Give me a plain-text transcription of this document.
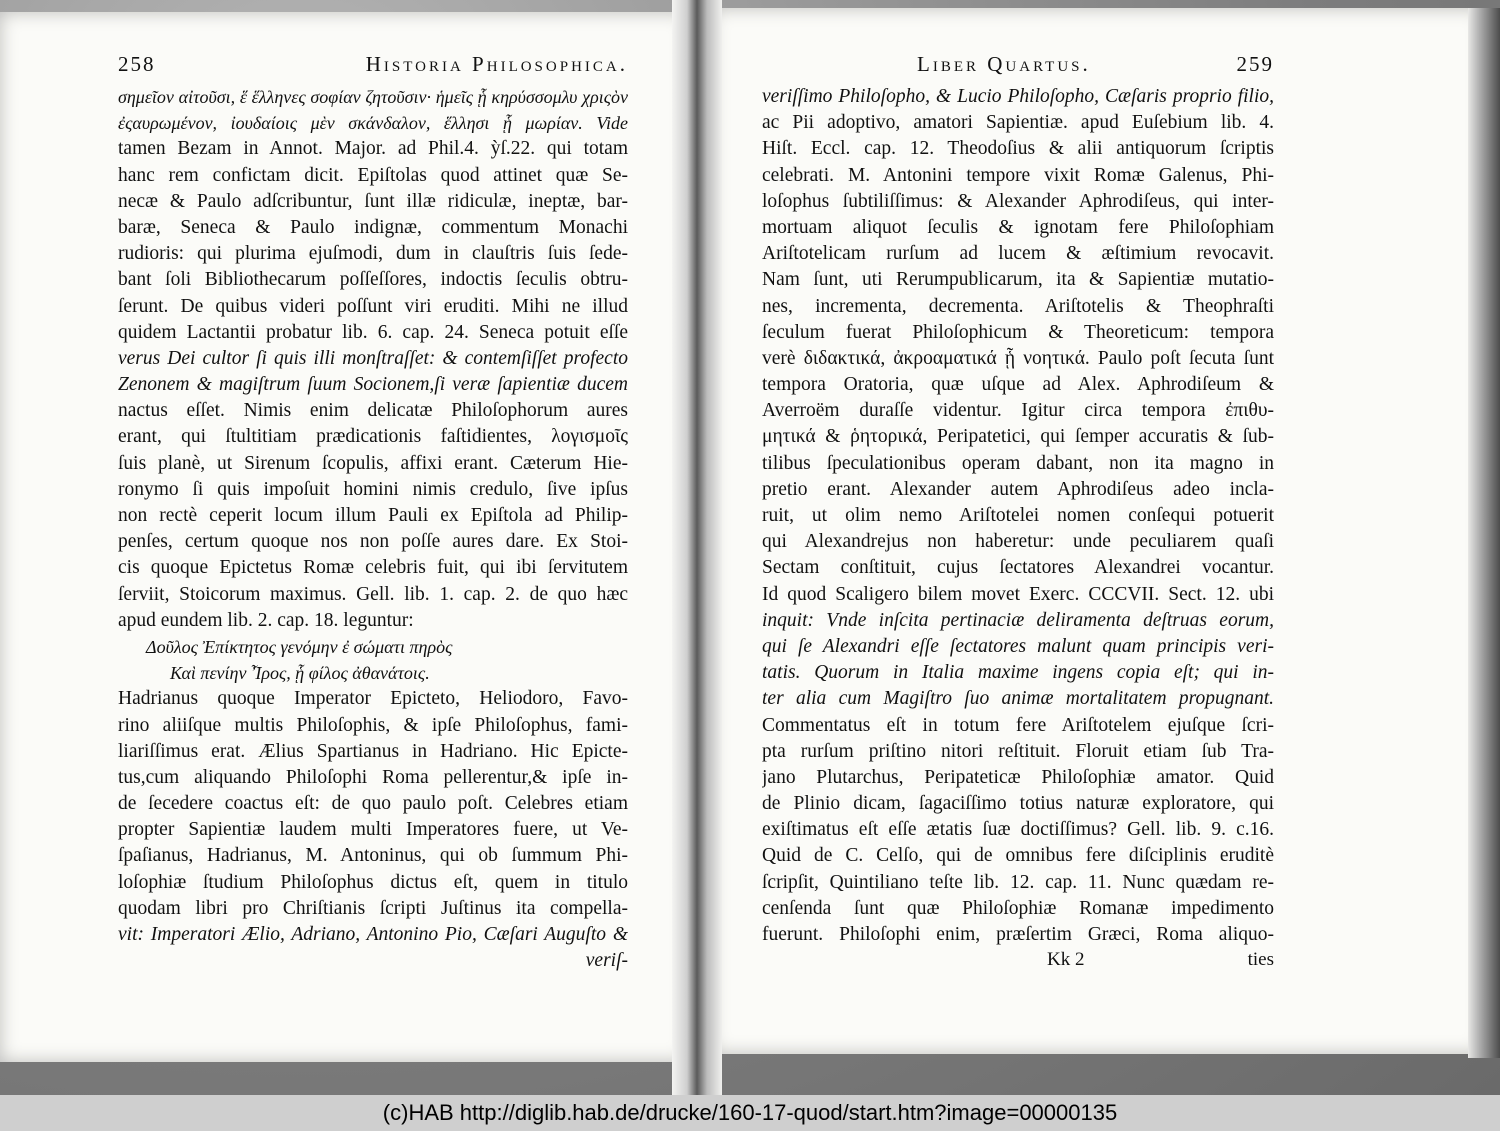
258	Historia Philosophica.
σημεῖον αἰτοῦσι, ἕ ἕλληνες σοφίαν ζητοῦσιν· ἡμεῖς ᾗ κηρύσσομλυ χριςὸν
ἐςαυρωμένον, ἰουδαίοις μὲν σκάνδαλον, ἕλλησι ᾗ μωρίαν. Vide
tamen Bezam in Annot. Major. ad Phil.4. ỳſ.22. qui totam
hanc rem confictam dicit. Epiſtolas quod attinet quæ Se-
necæ & Paulo adſcribuntur, ſunt illæ ridiculæ, ineptæ, bar-
baræ, Seneca & Paulo indignæ, commentum Monachi
rudioris: qui plurima ejuſmodi, dum in clauſtris ſuis ſede-
bant ſoli Bibliothecarum poſſeſſores, indoctis ſeculis obtru-
ſerunt. De quibus videri poſſunt viri eruditi. Mihi ne illud
quidem Lactantii probatur lib. 6. cap. 24. Seneca potuit eſſe
verus Dei cultor ſi quis illi monſtraſſet: & contemſiſſet profecto
Zenonem & magiſtrum ſuum Socionem,ſi veræ ſapientiæ ducem
nactus eſſet. Nimis enim delicatæ Philoſophorum aures
erant, qui ſtultitiam prædicationis faſtidientes, λογισμοῖς
ſuis planè, ut Sirenum ſcopulis, affixi erant. Cæterum Hie-
ronymo ſi quis impoſuit homini nimis credulo, ſive ipſus
non rectè ceperit locum illum Pauli ex Epiſtola ad Philip-
penſes, certum quoque nos non poſſe aures dare. Ex Stoi-
cis quoque Epictetus Romæ celebris fuit, qui ibi ſervitutem
ſerviit, Stoicorum maximus. Gell. lib. 1. cap. 2. de quo hæc
apud eundem lib. 2. cap. 18. leguntur:
Δοῦλος Ἐπίκτητος γενόμην ἐ σώματι πηρὸς
Καὶ πενίην Ἶρος, ᾗ φίλος ἀθανάτοις.
Hadrianus quoque Imperator Epicteto, Heliodoro, Favo-
rino aliiſque multis Philoſophis, & ipſe Philoſophus, fami-
liariſſimus erat. Ælius Spartianus in Hadriano. Hic Epicte-
tus,cum aliquando Philoſophi Roma pellerentur,& ipſe in-
de ſecedere coactus eſt: de quo paulo poſt. Celebres etiam
propter Sapientiæ laudem multi Imperatores fuere, ut Ve-
ſpaſianus, Hadrianus, M. Antoninus, qui ob ſummum Phi-
loſophiæ ſtudium Philoſophus dictus eſt, quem in titulo
quodam libri pro Chriſtianis ſcripti Juſtinus ita compella-
vit: Imperatori Ælio, Adriano, Antonino Pio, Cæſari Auguſto &
veriſ-
Liber Quartus.	259
veriſſimo Philoſopho, & Lucio Philoſopho, Cæſaris proprio filio,
ac Pii adoptivo, amatori Sapientiæ. apud Euſebium lib. 4.
Hiſt. Eccl. cap. 12. Theodoſius & alii antiquorum ſcriptis
celebrati. M. Antonini tempore vixit Romæ Galenus, Phi-
loſophus ſubtiliſſimus: & Alexander Aphrodiſeus, qui inter-
mortuam aliquot ſeculis & ignotam fere Philoſophiam
Ariſtotelicam rurſum ad lucem & æſtimium revocavit.
Nam ſunt, uti Rerumpublicarum, ita & Sapientiæ mutatio-
nes, incrementa, decrementa. Ariſtotelis & Theophraſti
ſeculum fuerat Philoſophicum & Theoreticum: tempora
verè διδακτικά, ἀκροαματικά ᾗ νοητικά. Paulo poſt ſecuta ſunt
tempora Oratoria, quæ uſque ad Alex. Aphrodiſeum &
Averroëm duraſſe videntur. Igitur circa tempora ἐπιθυ-
μητικά & ῥητορικά, Peripatetici, qui ſemper accuratis & ſub-
tilibus ſpeculationibus operam dabant, non ita magno in
pretio erant. Alexander autem Aphrodiſeus adeo incla-
ruit, ut olim nemo Ariſtotelei nomen conſequi potuerit
qui Alexandrejus non haberetur: unde peculiarem quaſi
Sectam conſtituit, cujus ſectatores Alexandrei vocantur.
Id quod Scaligero bilem movet Exerc. CCCVII. Sect. 12. ubi
inquit: Vnde inſcita pertinaciæ deliramenta deſtruas eorum,
qui ſe Alexandri eſſe ſectatores malunt quam principis veri-
tatis. Quorum in Italia maxime ingens copia eſt; qui in-
ter alia cum Magiſtro ſuo animæ mortalitatem propugnant.
Commentatus eſt in totum fere Ariſtotelem ejuſque ſcri-
pta rurſum priſtino nitori reſtituit. Floruit etiam ſub Tra-
jano Plutarchus, Peripateticæ Philoſophiæ amator. Quid
de Plinio dicam, ſagaciſſimo totius naturæ exploratore, qui
exiſtimatus eſt eſſe ætatis ſuæ doctiſſimus? Gell. lib. 9. c.16.
Quid de C. Celſo, qui de omnibus fere diſciplinis eruditè
ſcripſit, Quintiliano teſte lib. 12. cap. 11. Nunc quædam re-
cenſenda ſunt quæ Philoſophiæ Romanæ impedimento
fuerunt. Philoſophi enim, præſertim Græci, Roma aliquo-
Kk 2	ties
(c)HAB http://diglib.hab.de/drucke/160-17-quod/start.htm?image=00000135
